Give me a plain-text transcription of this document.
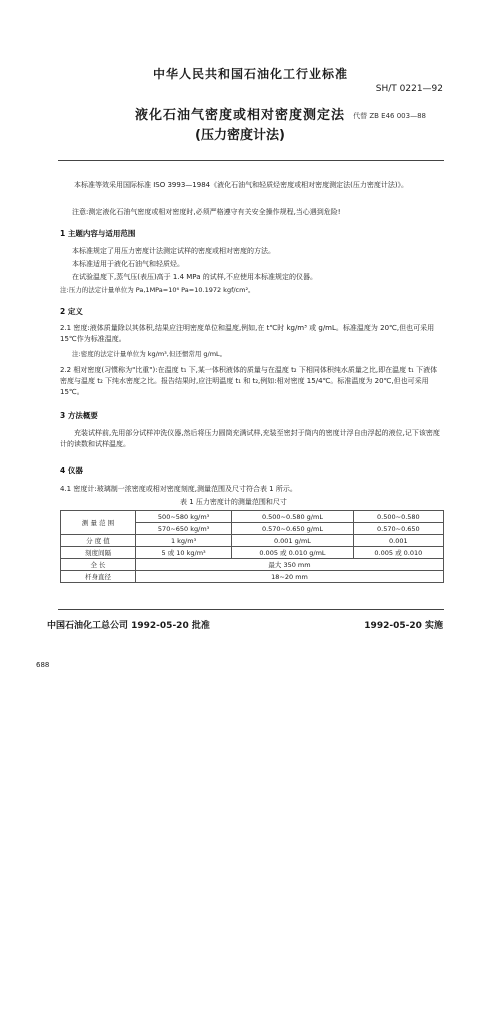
中华人民共和国石油化工行业标准
SH/T 0221—92
液化石油气密度或相对密度测定法
(压力密度计法)
代替 ZB E46 003—88
本标准等效采用国际标准 ISO 3993—1984《液化石油气和轻质烃密度或相对密度测定法(压力密度计法)》。
注意:测定液化石油气密度或相对密度时,必须严格遵守有关安全操作规程,当心遇到危险!
1 主题内容与适用范围
本标准规定了用压力密度计法测定试样的密度或相对密度的方法。
本标准适用于液化石油气和轻质烃。
在试验温度下,蒸气压(表压)高于 1.4 MPa 的试样,不应使用本标准规定的仪器。
注:压力的法定计量单位为 Pa,1MPa=10⁶ Pa=10.1972 kgf/cm²。
2 定义
2.1 密度:液体质量除以其体积,结果应注明密度单位和温度,例如,在 t℃时 kg/m³ 或 g/mL。标准温度为 20℃,但也可采用 15℃作为标准温度。
注:密度的法定计量单位为 kg/m³,但还惯常用 g/mL。
2.2 相对密度(习惯称为"比重"):在温度 t₁ 下,某一体积液体的质量与在温度 t₂ 下相同体积纯水质量之比,即在温度 t₁ 下液体密度与温度 t₂ 下纯水密度之比。报告结果时,应注明温度 t₁ 和 t₂,例如:相对密度 15/4℃。标准温度为 20℃,但也可采用 15℃。
3 方法概要
充装试样前,先用部分试样冲洗仪器,然后将压力圆筒充满试样,充装至密封于筒内的密度计浮自由浮起的液位,记下该密度计的读数和试样温度。
4 仪器
4.1 密度计:玻璃制一浓密度或相对密度刻度,测量范围及尺寸符合表 1 所示。
表 1 压力密度计的测量范围和尺寸
测 量 范 围	500~580 kg/m³	0.500~0.580 g/mL	0.500~0.580
	570~650 kg/m³	0.570~0.650 g/mL	0.570~0.650
分 度 值	1 kg/m³	0.001 g/mL	0.001
刻度间隔	5 或 10 kg/m³	0.005 或 0.010 g/mL	0.005 或 0.010
全 长	最大 350 mm		
杆身直径	18~20 mm		
中国石油化工总公司 1992-05-20 批准	1992-05-20 实施
688
